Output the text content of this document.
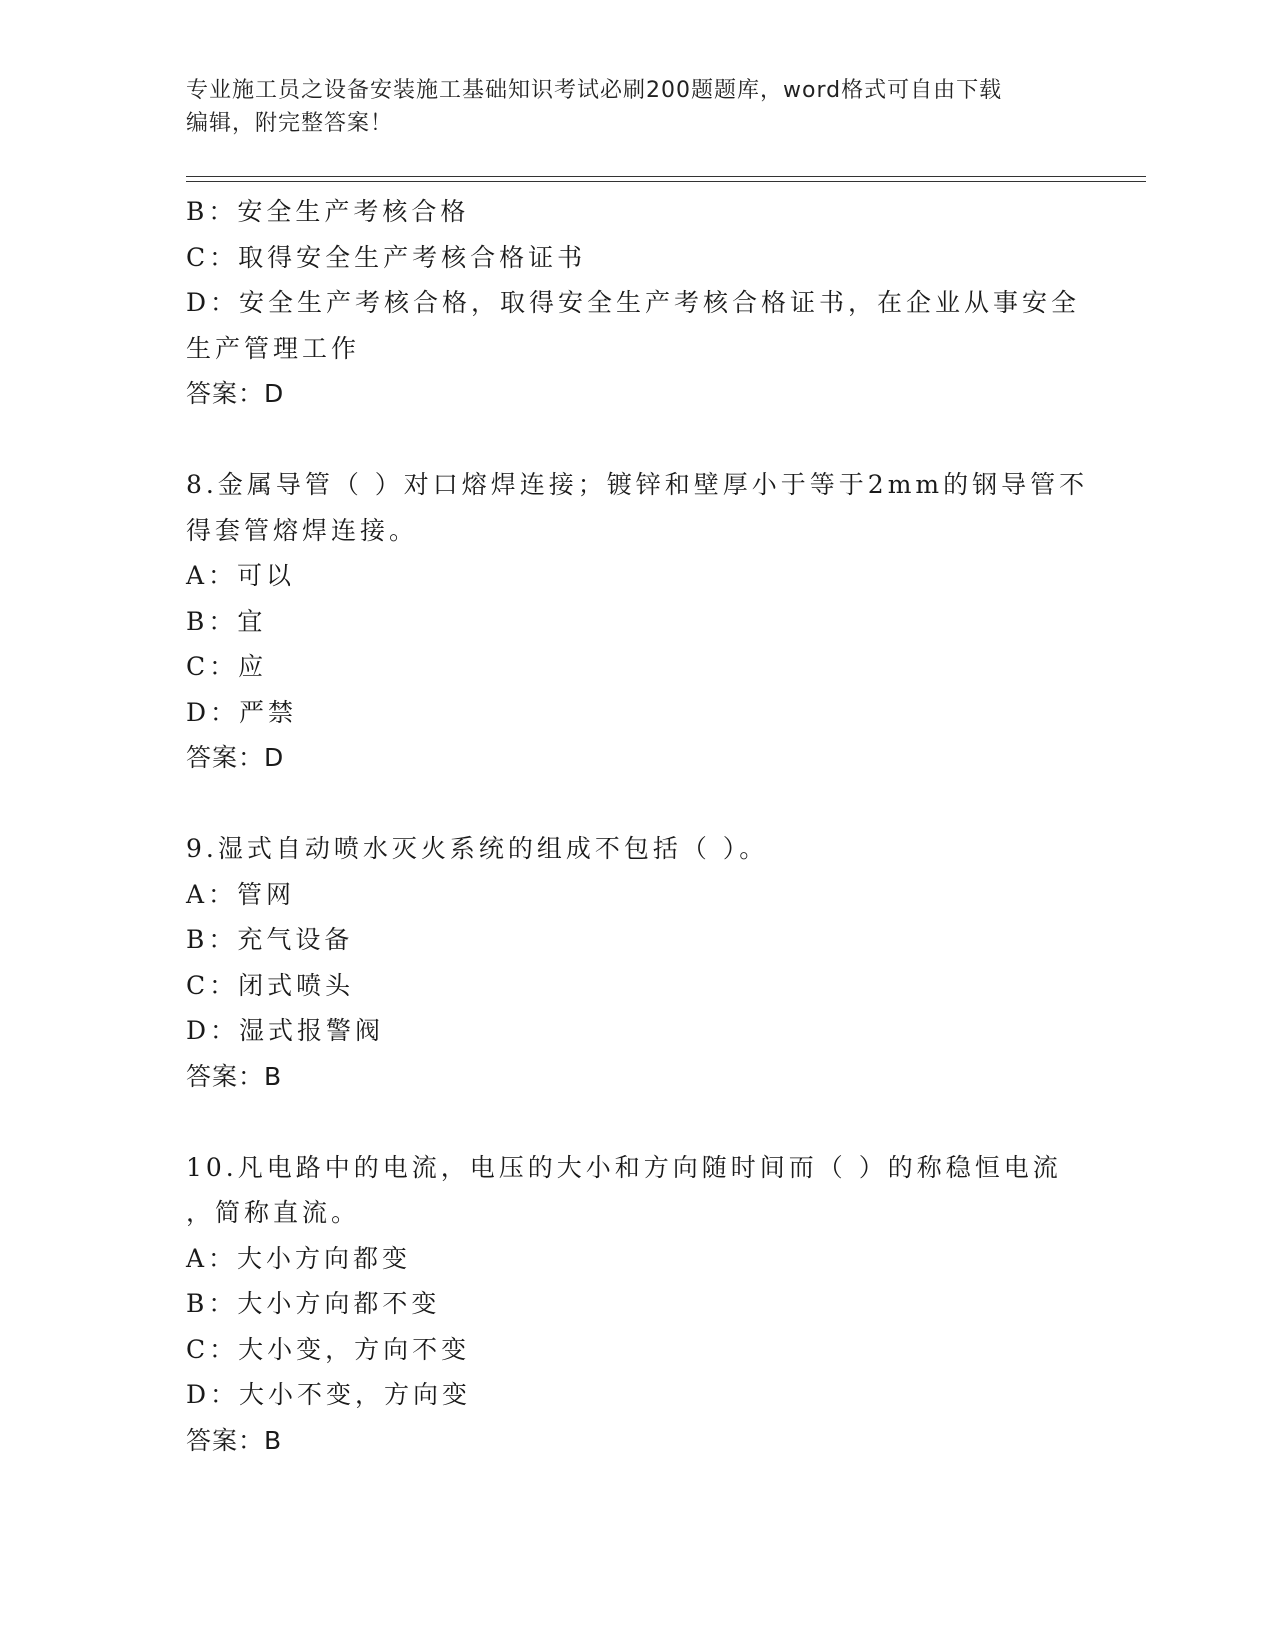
专业施工员之设备安装施工基础知识考试必刷200题题库，word格式可自由下载
编辑，附完整答案！
B：安全生产考核合格
C：取得安全生产考核合格证书
D：安全生产考核合格，取得安全生产考核合格证书，在企业从事安全
生产管理工作
答案：D
8.金属导管（ ）对口熔焊连接；镀锌和壁厚小于等于2mm的钢导管不
得套管熔焊连接。
A：可以
B：宜
C：应
D：严禁
答案：D
9.湿式自动喷水灭火系统的组成不包括（ ）。
A：管网
B：充气设备
C：闭式喷头
D：湿式报警阀
答案：B
10.凡电路中的电流，电压的大小和方向随时间而（ ）的称稳恒电流
，简称直流。
A：大小方向都变
B：大小方向都不变
C：大小变，方向不变
D：大小不变，方向变
答案：B
